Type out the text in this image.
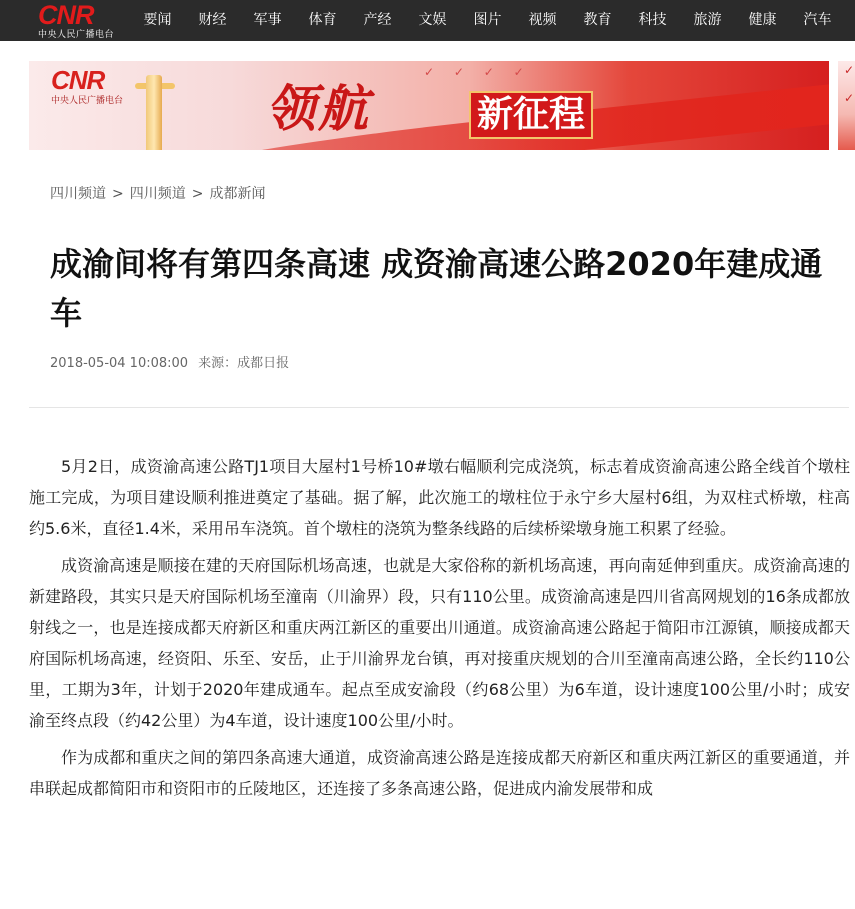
CNR
中央人民广播电台
要闻	财经	军事	体育	产经	文娱	图片	视频	教育	科技	旅游	健康	汽车
CNR
中央人民广播电台
✓ ✓ ✓ ✓
领航	新征程
✓
✓
四川频道 > 四川频道 > 成都新闻
成渝间将有第四条高速 成资渝高速公路2020年建成通车
2018-05-04 10:08:00 来源：成都日报

5月2日，成资渝高速公路TJ1项目大屋村1号桥10#墩右幅顺利完成浇筑，标志着成资渝高速公路全线首个墩柱施工完成，为项目建设顺利推进奠定了基础。据了解，此次施工的墩柱位于永宁乡大屋村6组，为双柱式桥墩，柱高约5.6米，直径1.4米，采用吊车浇筑。首个墩柱的浇筑为整条线路的后续桥梁墩身施工积累了经验。

成资渝高速是顺接在建的天府国际机场高速，也就是大家俗称的新机场高速，再向南延伸到重庆。成资渝高速的新建路段，其实只是天府国际机场至潼南（川渝界）段，只有110公里。成资渝高速是四川省高网规划的16条成都放射线之一，也是连接成都天府新区和重庆两江新区的重要出川通道。成资渝高速公路起于简阳市江源镇，顺接成都天府国际机场高速，经资阳、乐至、安岳，止于川渝界龙台镇，再对接重庆规划的合川至潼南高速公路，全长约110公里，工期为3年，计划于2020年建成通车。起点至成安渝段（约68公里）为6车道，设计速度100公里/小时；成安渝至终点段（约42公里）为4车道，设计速度100公里/小时。

作为成都和重庆之间的第四条高速大通道，成资渝高速公路是连接成都天府新区和重庆两江新区的重要通道，并串联起成都简阳市和资阳市的丘陵地区，还连接了多条高速公路，促进成内渝发展带和成
